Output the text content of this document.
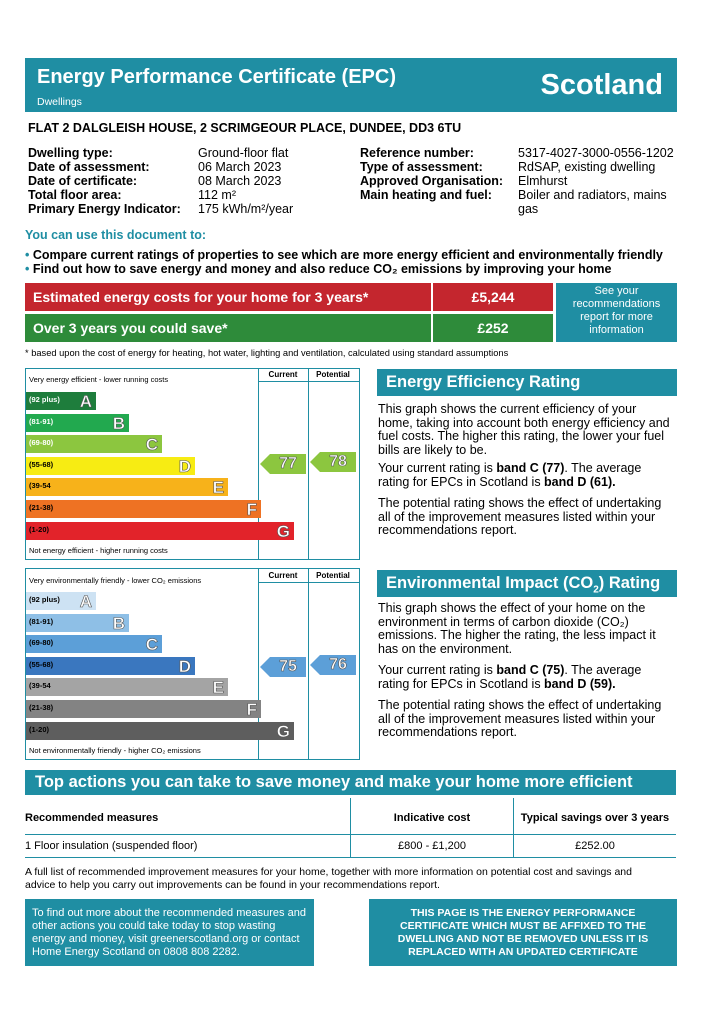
Energy Performance Certificate (EPC)
Dwellings
Scotland
FLAT 2 DALGLEISH HOUSE, 2 SCRIMGEOUR PLACE, DUNDEE, DD3 6TU
Dwelling type:	Ground-floor flat
Date of assessment:	06 March 2023
Date of certificate:	08 March 2023
Total floor area:	112 m²
Primary Energy Indicator:	175 kWh/m²/year
Reference number:	5317-4027-3000-0556-1202
Type of assessment:	RdSAP, existing dwelling
Approved Organisation:	Elmhurst
Main heating and fuel:	Boiler and radiators, mains gas
You can use this document to:
• Compare current ratings of properties to see which are more energy efficient and environmentally friendly
• Find out how to save energy and money and also reduce CO₂ emissions by improving your home
Estimated energy costs for your home for 3 years*	£5,244
Over 3 years you could save*	£252
See your recommendations report for more information
* based upon the cost of energy for heating, hot water, lighting and ventilation, calculated using standard assumptions
Current	Potential
Very energy efficient - lower running costs
Not energy efficient - higher running costs
(92 plus) A
(81-91)	B
(69-80)	C
(55-68)	D
(39-54	E
(21-38)	F
(1-20)	G
77	78
Current	Potential
Very environmentally friendly - lower CO₂ emissions
Not environmentally friendly - higher CO₂ emissions
(92 plus) A
(81-91)	B
(69-80)	C
(55-68)	D
(39-54	E
(21-38)	F
(1-20)	G
75	76
Energy Efficiency Rating
This graph shows the current efficiency of your home, taking into account both energy efficiency and fuel costs. The higher this rating, the lower your fuel bills are likely to be.
Your current rating is band C (77). The average rating for EPCs in Scotland is band D (61).
The potential rating shows the effect of undertaking all of the improvement measures listed within your recommendations report.
Environmental Impact $(CO_2)$ Rating
This graph shows the effect of your home on the environment in terms of carbon dioxide (CO₂) emissions. The higher the rating, the less impact it has on the environment.
Your current rating is band C (75). The average rating for EPCs in Scotland is band D (59).
The potential rating shows the effect of undertaking all of the improvement measures listed within your recommendations report.
Top actions you can take to save money and make your home more efficient
Recommended measures	Indicative cost	Typical savings over 3 years
1 Floor insulation (suspended floor)	£800 - £1,200	£252.00
A full list of recommended improvement measures for your home, together with more information on potential cost and savings and advice to help you carry out improvements can be found in your recommendations report.
To find out more about the recommended measures and other actions you could take today to stop wasting energy and money, visit greenerscotland.org or contact Home Energy Scotland on 0808 808 2282.
THIS PAGE IS THE ENERGY PERFORMANCE CERTIFICATE WHICH MUST BE AFFIXED TO THE DWELLING AND NOT BE REMOVED UNLESS IT IS REPLACED WITH AN UPDATED CERTIFICATE
